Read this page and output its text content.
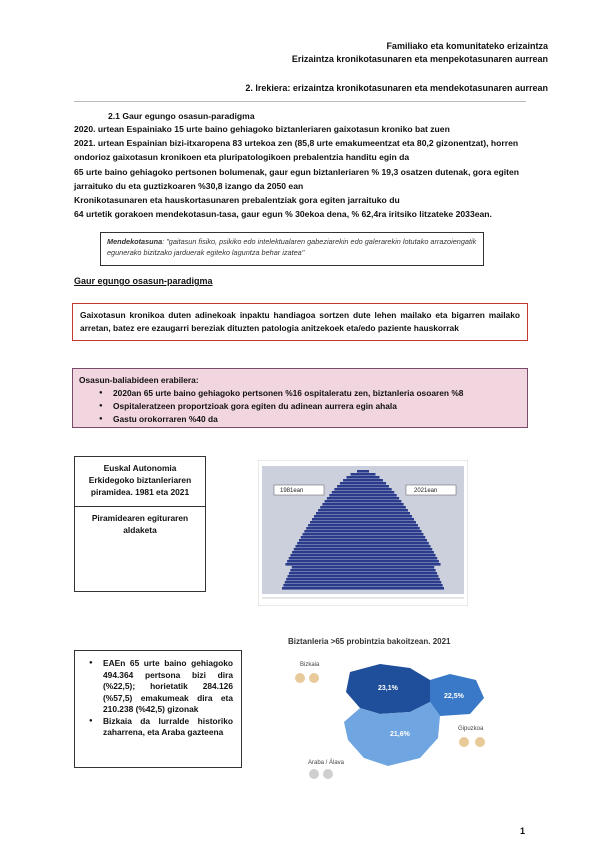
Familiako eta komunitateko erizaintza
Erizaintza kronikotasunaren eta menpekotasunaren aurrean
2. Irekiera: erizaintza kronikotasunaren eta mendekotasunaren aurrean
2.1 Gaur egungo osasun-paradigma
2020. urtean Espainiako 15 urte baino gehiagoko biztanleriaren gaixotasun kroniko bat zuen
2021. urtean Espainian bizi-itxaropena 83 urtekoa zen (85,8 urte emakumeentzat eta 80,2 gizonentzat), horren
ondorioz gaixotasun kronikoen eta pluripatologikoen prebalentzia handitu egin da
65 urte baino gehiagoko pertsonen bolumenak, gaur egun biztanleriaren % 19,3 osatzen dutenak, gora egiten
jarraituko du eta guztizkoaren %30,8 izango da 2050 ean
Kronikotasunaren eta hauskortasunaren prebalentziak gora egiten jarraituko du
64 urtetik gorakoen mendekotasun-tasa, gaur egun % 30ekoa dena, % 62,4ra iritsiko litzateke 2033ean.
Mendekotasuna: "gaitasun fisiko, psikiko edo intelektualaren gabeziarekin edo galerarekin lotutako arrazoiengatik egunerako bizitzako jarduerak egiteko laguntza behar izatea"
Gaur egungo osasun-paradigma
Gaixotasun kronikoa duten adinekoak inpaktu handiagoa sortzen dute lehen mailako eta bigarren mailako arretan, batez ere ezaugarri bereziak dituzten patologia anitzekoek eta/edo paziente hauskorrak
Osasun-baliabideen erabilera:
● 2020an 65 urte baino gehiagoko pertsonen %16 ospitaleratu zen, biztanleria osoaren %8
● Ospitaleratzeen proportzioak gora egiten du adinean aurrera egin ahala
● Gastu orokorraren %40 da
Euskal Autonomia Erkidegoko biztanleriaren piramidea. 1981 eta 2021
Piramidearen egituraren aldaketa
1981ean	2021ean
● EAEn 65 urte baino gehiagoko 494.364 pertsona bizi dira (%22,5); horietatik 284.126 (%57,5) emakumeak dira eta 210.238 (%42,5) gizonak
● Bizkaia da lurralde historiko zaharrena, eta Araba gazteena
Biztanleria >65 probintzia bakoitzean. 2021
23,1%
22,5%
21,6%
Bizkaia
Gipuzkoa
Araba / Álava
1
